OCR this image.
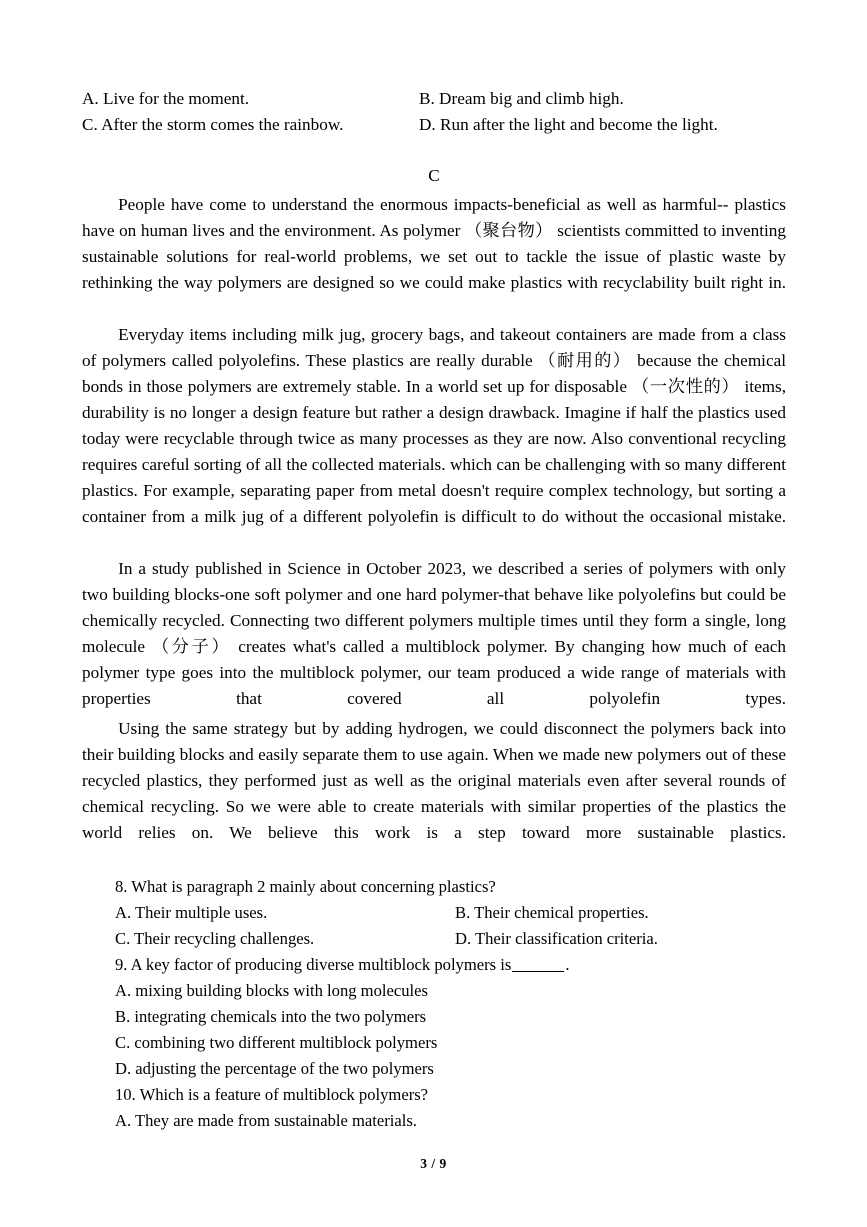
A. Live for the moment.	B. Dream big and climb high.
C. After the storm comes the rainbow.	D. Run after the light and become the light.
C

People have come to understand the enormous impacts-beneficial as well as harmful-- plastics have on human lives and the environment. As polymer （聚台物） scientists committed to inventing sustainable solutions for real-world problems, we set out to tackle the issue of plastic waste by rethinking the way polymers are designed so we could make plastics with recyclability built right in.

Everyday items including milk jug, grocery bags, and takeout containers are made from a class of polymers called polyolefins. These plastics are really durable （耐用的） because the chemical bonds in those polymers are extremely stable. In a world set up for disposable （一次性的） items, durability is no longer a design feature but rather a design drawback. Imagine if half the plastics used today were recyclable through twice as many processes as they are now. Also conventional recycling requires careful sorting of all the collected materials. which can be challenging with so many different plastics. For example, separating paper from metal doesn't require complex technology, but sorting a container from a milk jug of a different polyolefin is difficult to do without the occasional mistake.

In a study published in Science in October 2023, we described a series of polymers with only two building blocks-one soft polymer and one hard polymer-that behave like polyolefins but could be chemically recycled. Connecting two different polymers multiple times until they form a single, long molecule （分子） creates what's called a multiblock polymer. By changing how much of each polymer type goes into the multiblock polymer, our team produced a wide range of materials with properties that covered all polyolefin types.

Using the same strategy but by adding hydrogen, we could disconnect the polymers back into their building blocks and easily separate them to use again. When we made new polymers out of these recycled plastics, they performed just as well as the original materials even after several rounds of chemical recycling. So we were able to create materials with similar properties of the plastics the world relies on. We believe this work is a step toward more sustainable plastics.

8. What is paragraph 2 mainly about concerning plastics?
A. Their multiple uses.	B. Their chemical properties.
C. Their recycling challenges.	D. Their classification criteria.
9. A key factor of producing diverse multiblock polymers is	.
A. mixing building blocks with long molecules
B. integrating chemicals into the two polymers
C. combining two different multiblock polymers
D. adjusting the percentage of the two polymers
10. Which is a feature of multiblock polymers?
A. They are made from sustainable materials.
3 / 9
